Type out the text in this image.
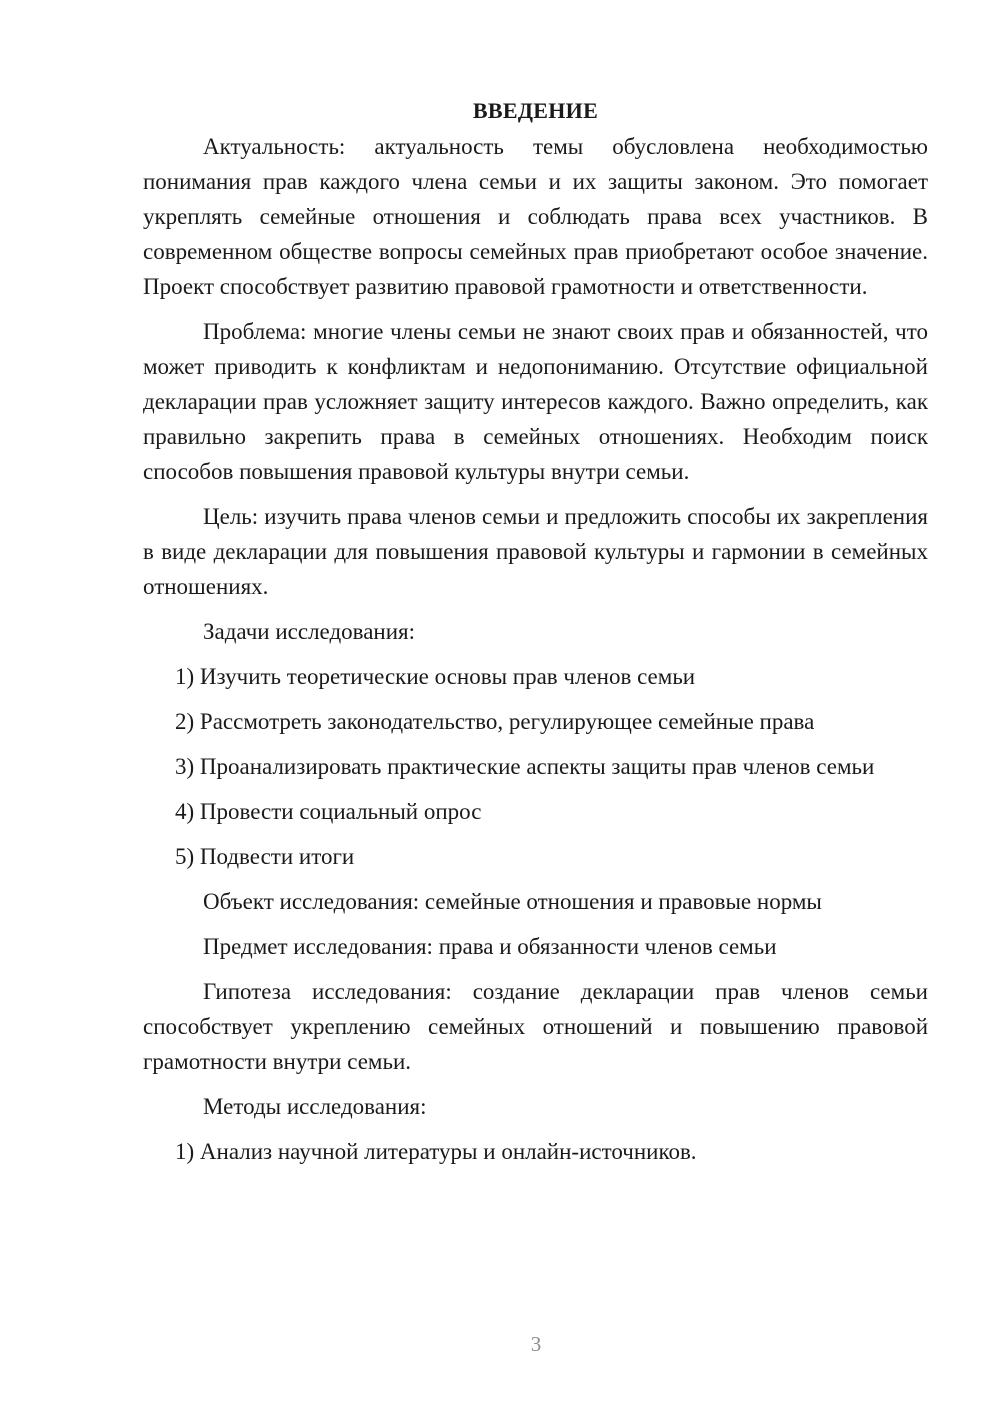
ВВЕДЕНИЕ

Актуальность: актуальность темы обусловлена необходимостью понимания прав каждого члена семьи и их защиты законом. Это помогает укреплять семейные отношения и соблюдать права всех участников. В современном обществе вопросы семейных прав приобретают особое значение. Проект способствует развитию правовой грамотности и ответственности.

Проблема: многие члены семьи не знают своих прав и обязанностей, что может приводить к конфликтам и недопониманию. Отсутствие официальной декларации прав усложняет защиту интересов каждого. Важно определить, как правильно закрепить права в семейных отношениях. Необходим поиск способов повышения правовой культуры внутри семьи.

Цель: изучить права членов семьи и предложить способы их закрепления в виде декларации для повышения правовой культуры и гармонии в семейных отношениях.

Задачи исследования:

1) Изучить теоретические основы прав членов семьи

2) Рассмотреть законодательство, регулирующее семейные права

3) Проанализировать практические аспекты защиты прав членов семьи

4) Провести социальный опрос

5) Подвести итоги

Объект исследования: семейные отношения и правовые нормы

Предмет исследования: права и обязанности членов семьи

Гипотеза исследования: создание декларации прав членов семьи способствует укреплению семейных отношений и повышению правовой грамотности внутри семьи.

Методы исследования:

1) Анализ научной литературы и онлайн-источников.

3
